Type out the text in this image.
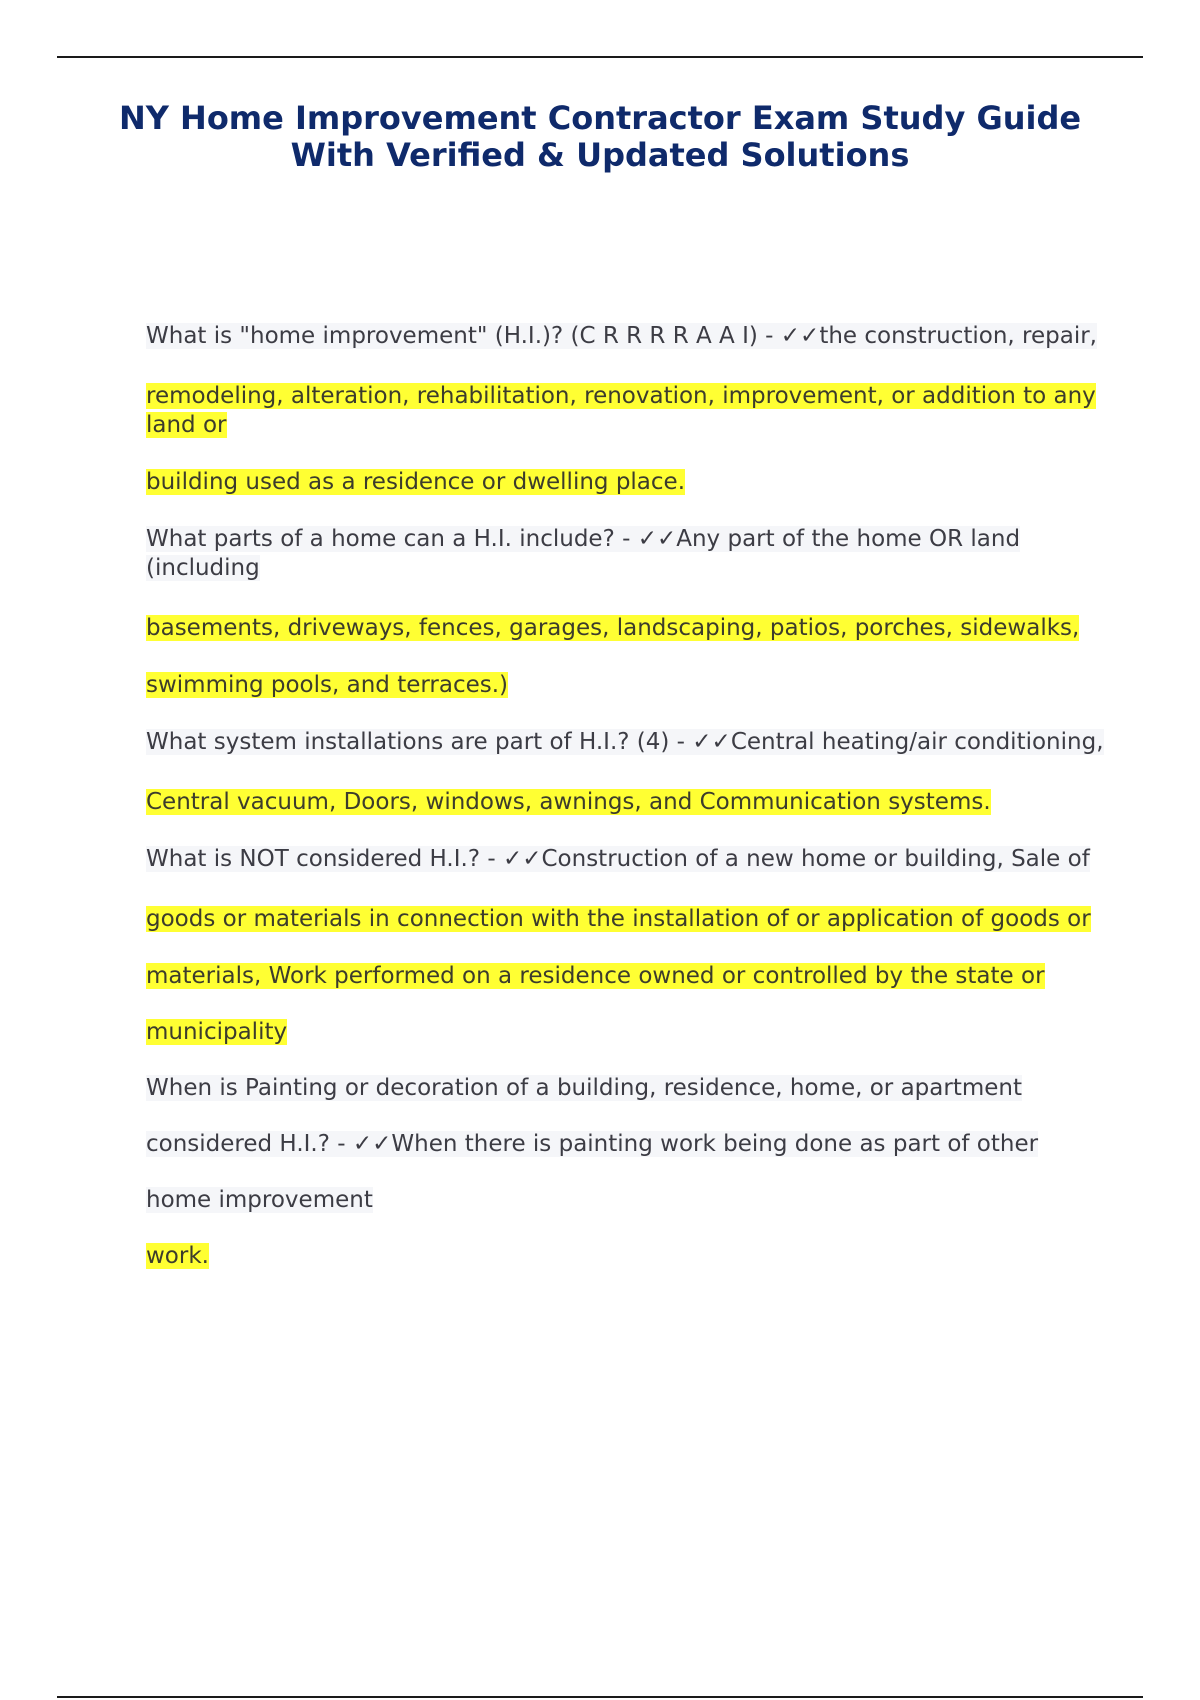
NY Home Improvement Contractor Exam Study Guide
With Verified & Updated Solutions

What is "home improvement" (H.I.)? (C R R R R A A I) - ✓✓the construction, repair,

remodeling, alteration, rehabilitation, renovation, improvement, or addition to any land or

building used as a residence or dwelling place.

What parts of a home can a H.I. include? - ✓✓Any part of the home OR land (including

basements, driveways, fences, garages, landscaping, patios, porches, sidewalks,

swimming pools, and terraces.)

What system installations are part of H.I.? (4) - ✓✓Central heating/air conditioning,

Central vacuum, Doors, windows, awnings, and Communication systems.

What is NOT considered H.I.? - ✓✓Construction of a new home or building, Sale of

goods or materials in connection with the installation of or application of goods or

materials, Work performed on a residence owned or controlled by the state or

municipality

When is Painting or decoration of a building, residence, home, or apartment

considered H.I.? - ✓✓When there is painting work being done as part of other

home improvement

work.
